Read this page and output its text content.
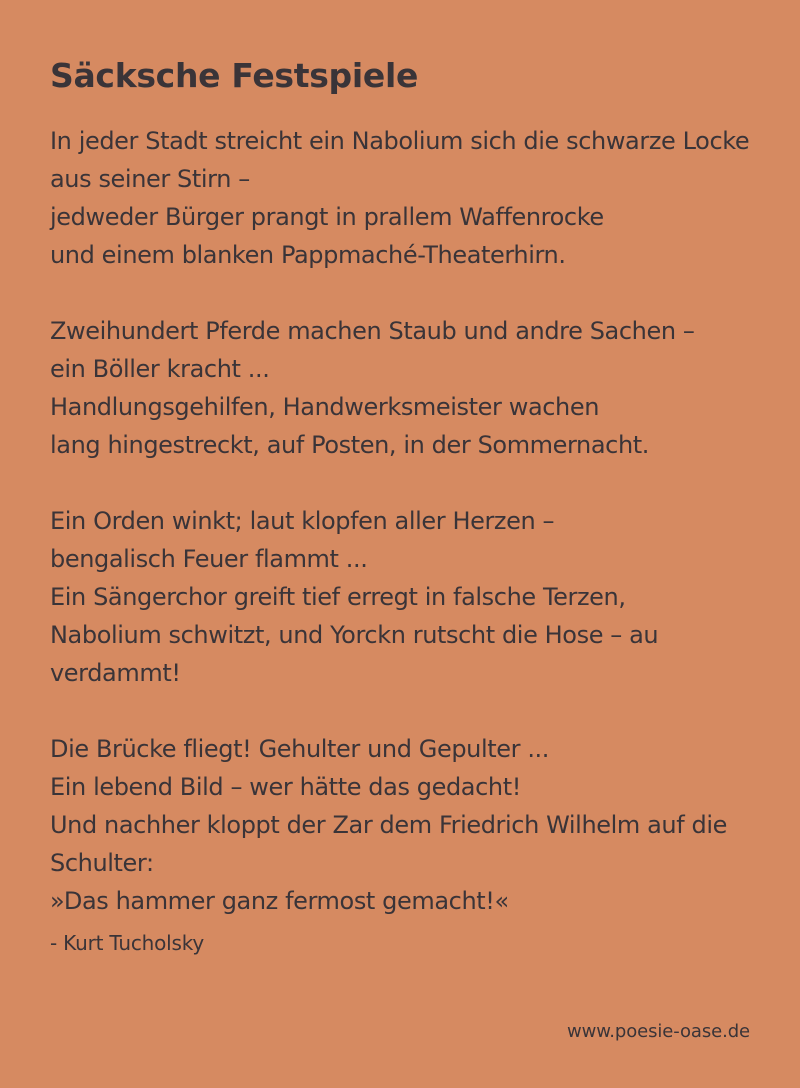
Säcksche Festspiele
In jeder Stadt streicht ein Nabolium sich die schwarze Locke
aus seiner Stirn –
jedweder Bürger prangt in prallem Waffenrocke
und einem blanken Pappmaché-Theaterhirn.
Zweihundert Pferde machen Staub und andre Sachen –
ein Böller kracht ...
Handlungsgehilfen, Handwerksmeister wachen
lang hingestreckt, auf Posten, in der Sommernacht.
Ein Orden winkt; laut klopfen aller Herzen –
bengalisch Feuer flammt ...
Ein Sängerchor greift tief erregt in falsche Terzen,
Nabolium schwitzt, und Yorckn rutscht die Hose – au verdammt!
Die Brücke fliegt! Gehulter und Gepulter ...
Ein lebend Bild – wer hätte das gedacht!
Und nachher kloppt der Zar dem Friedrich Wilhelm auf die Schulter:
»Das hammer ganz fermost gemacht!«
- Kurt Tucholsky
www.poesie-oase.de
